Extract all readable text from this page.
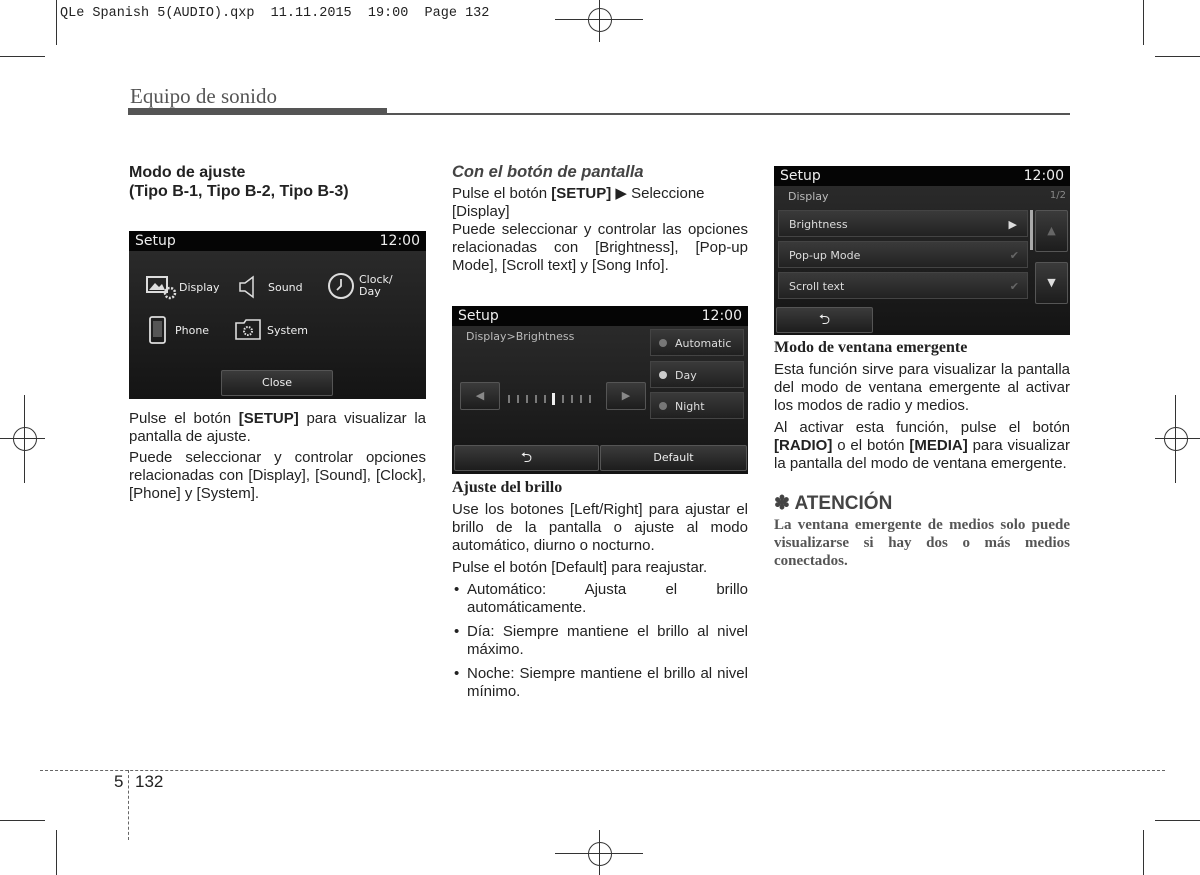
QLe Spanish 5(AUDIO).qxp  11.11.2015  19:00  Page 132
Equipo de sonido
Modo de ajuste
(Tipo B-1, Tipo B-2, Tipo B-3)
Setup	12:00
Display	Sound
Clock/
Day
Phone	System
Close
Pulse el botón [SETUP] para visualizar la pantalla de ajuste.
Puede seleccionar y controlar opciones relacionadas con [Display], [Sound], [Clock], [Phone] y [System].
Con el botón de pantalla
Pulse el botón [SETUP] ▶ Seleccione [Display]
Puede seleccionar y controlar las opciones relacionadas con [Brightness], [Pop-up Mode], [Scroll text] y [Song Info].
Setup	12:00
Display>Brightness
◀	▶
Automatic
Day
Night
⮌	Default
Ajuste del brillo
Use los botones [Left/Right] para ajustar el brillo de la pantalla o ajuste al modo automático, diurno o nocturno.
Pulse el botón [Default] para reajustar.
• Automático: Ajusta el brillo automáticamente.
• Día: Siempre mantiene el brillo al nivel máximo.
• Noche: Siempre mantiene el brillo al nivel mínimo.
Setup	12:00
Display	1/2
Brightness	▶
Pop-up Mode	✔
Scroll text	✔
▲
▼
⮌
Modo de ventana emergente
Esta función sirve para visualizar la pantalla del modo de ventana emergente al activar los modos de radio y medios.
Al activar esta función, pulse el botón [RADIO] o el botón [MEDIA] para visualizar la pantalla del modo de ventana emergente.
✽ ATENCIÓN
La ventana emergente de medios solo puede visualizarse si hay dos o más medios conectados.
5 132
